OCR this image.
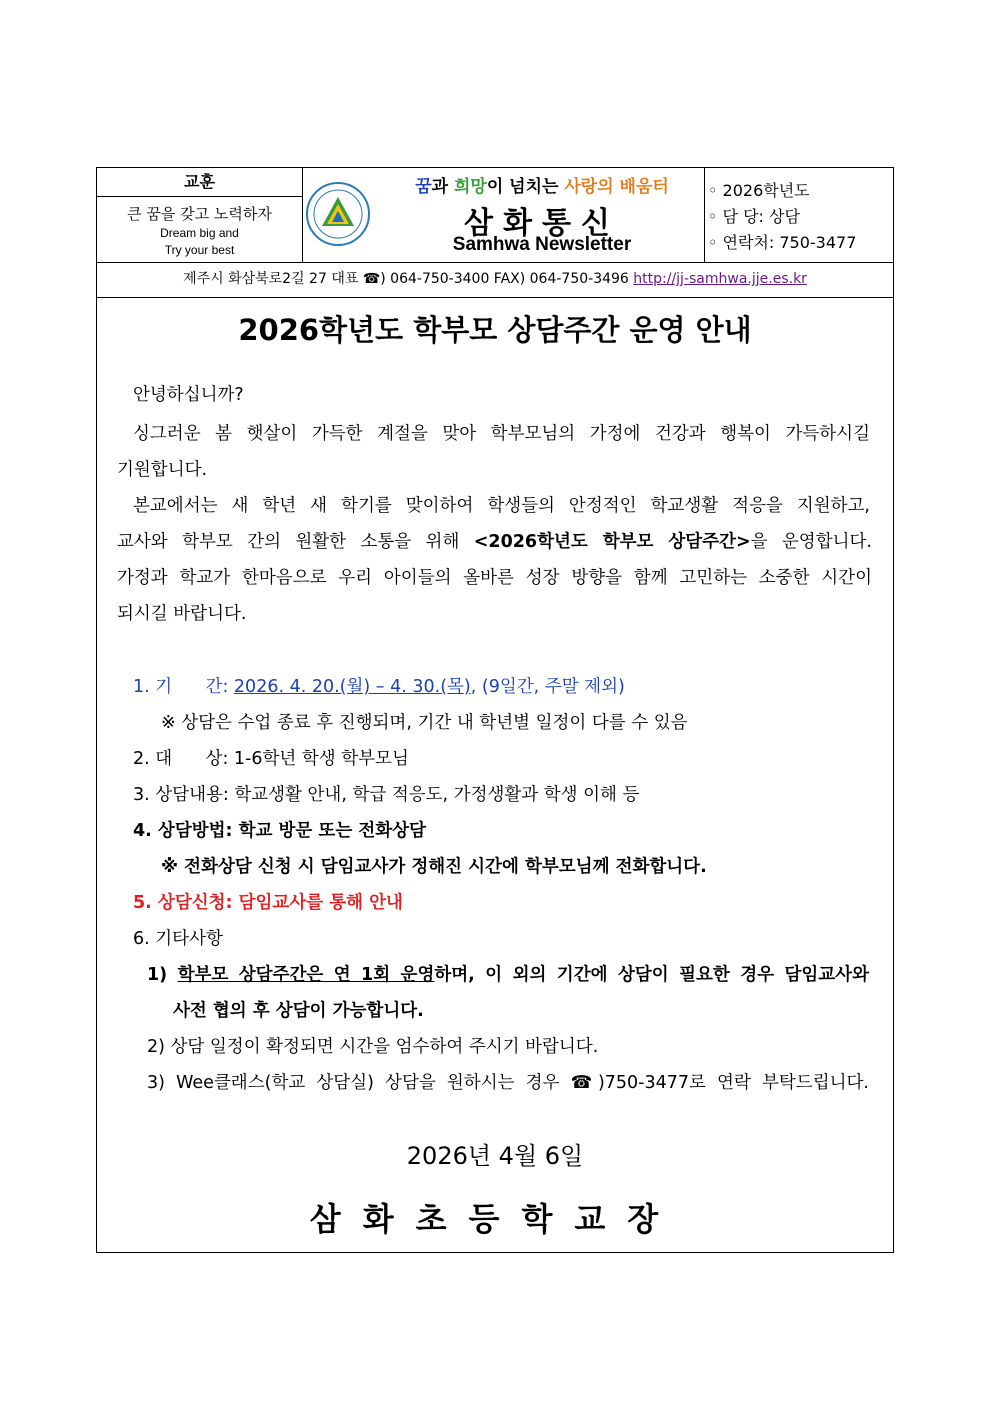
교훈
큰 꿈을 갖고 노력하자
Dream big and
Try your best
꿈과 희망이 넘치는 사랑의 배움터
삼화통신
Samhwa Newsletter
◦ 2026학년도
◦ 담 당: 상담
◦ 연락처: 750-3477
제주시 화삼북로2길 27 대표 ☎) 064-750-3400 FAX) 064-750-3496 http://jj-samhwa.jje.es.kr
2026학년도 학부모 상담주간 운영 안내
안녕하십니까?
싱그러운 봄 햇살이 가득한 계절을 맞아 학부모님의 가정에 건강과 행복이 가득하시길
기원합니다.
본교에서는 새 학년 새 학기를 맞이하여 학생들의 안정적인 학교생활 적응을 지원하고,
교사와 학부모 간의 원활한 소통을 위해 <2026학년도 학부모 상담주간>을 운영합니다.
가정과 학교가 한마음으로 우리 아이들의 올바른 성장 방향을 함께 고민하는 소중한 시간이
되시길 바랍니다.
1. 기      간: 2026. 4. 20.(월) – 4. 30.(목), (9일간, 주말 제외)
※ 상담은 수업 종료 후 진행되며, 기간 내 학년별 일정이 다를 수 있음
2. 대      상: 1-6학년 학생 학부모님
3. 상담내용: 학교생활 안내, 학급 적응도, 가정생활과 학생 이해 등
4. 상담방법: 학교 방문 또는 전화상담
※ 전화상담 신청 시 담임교사가 정해진 시간에 학부모님께 전화합니다.
5. 상담신청: 담임교사를 통해 안내
6. 기타사항
1) 학부모 상담주간은 연 1회 운영하며, 이 외의 기간에 상담이 필요한 경우 담임교사와
사전 협의 후 상담이 가능합니다.
2) 상담 일정이 확정되면 시간을 엄수하여 주시기 바랍니다.
3) Wee클래스(학교 상담실) 상담을 원하시는 경우 ☎)750-3477로 연락 부탁드립니다.
2026년 4월 6일
삼화초등학교장
